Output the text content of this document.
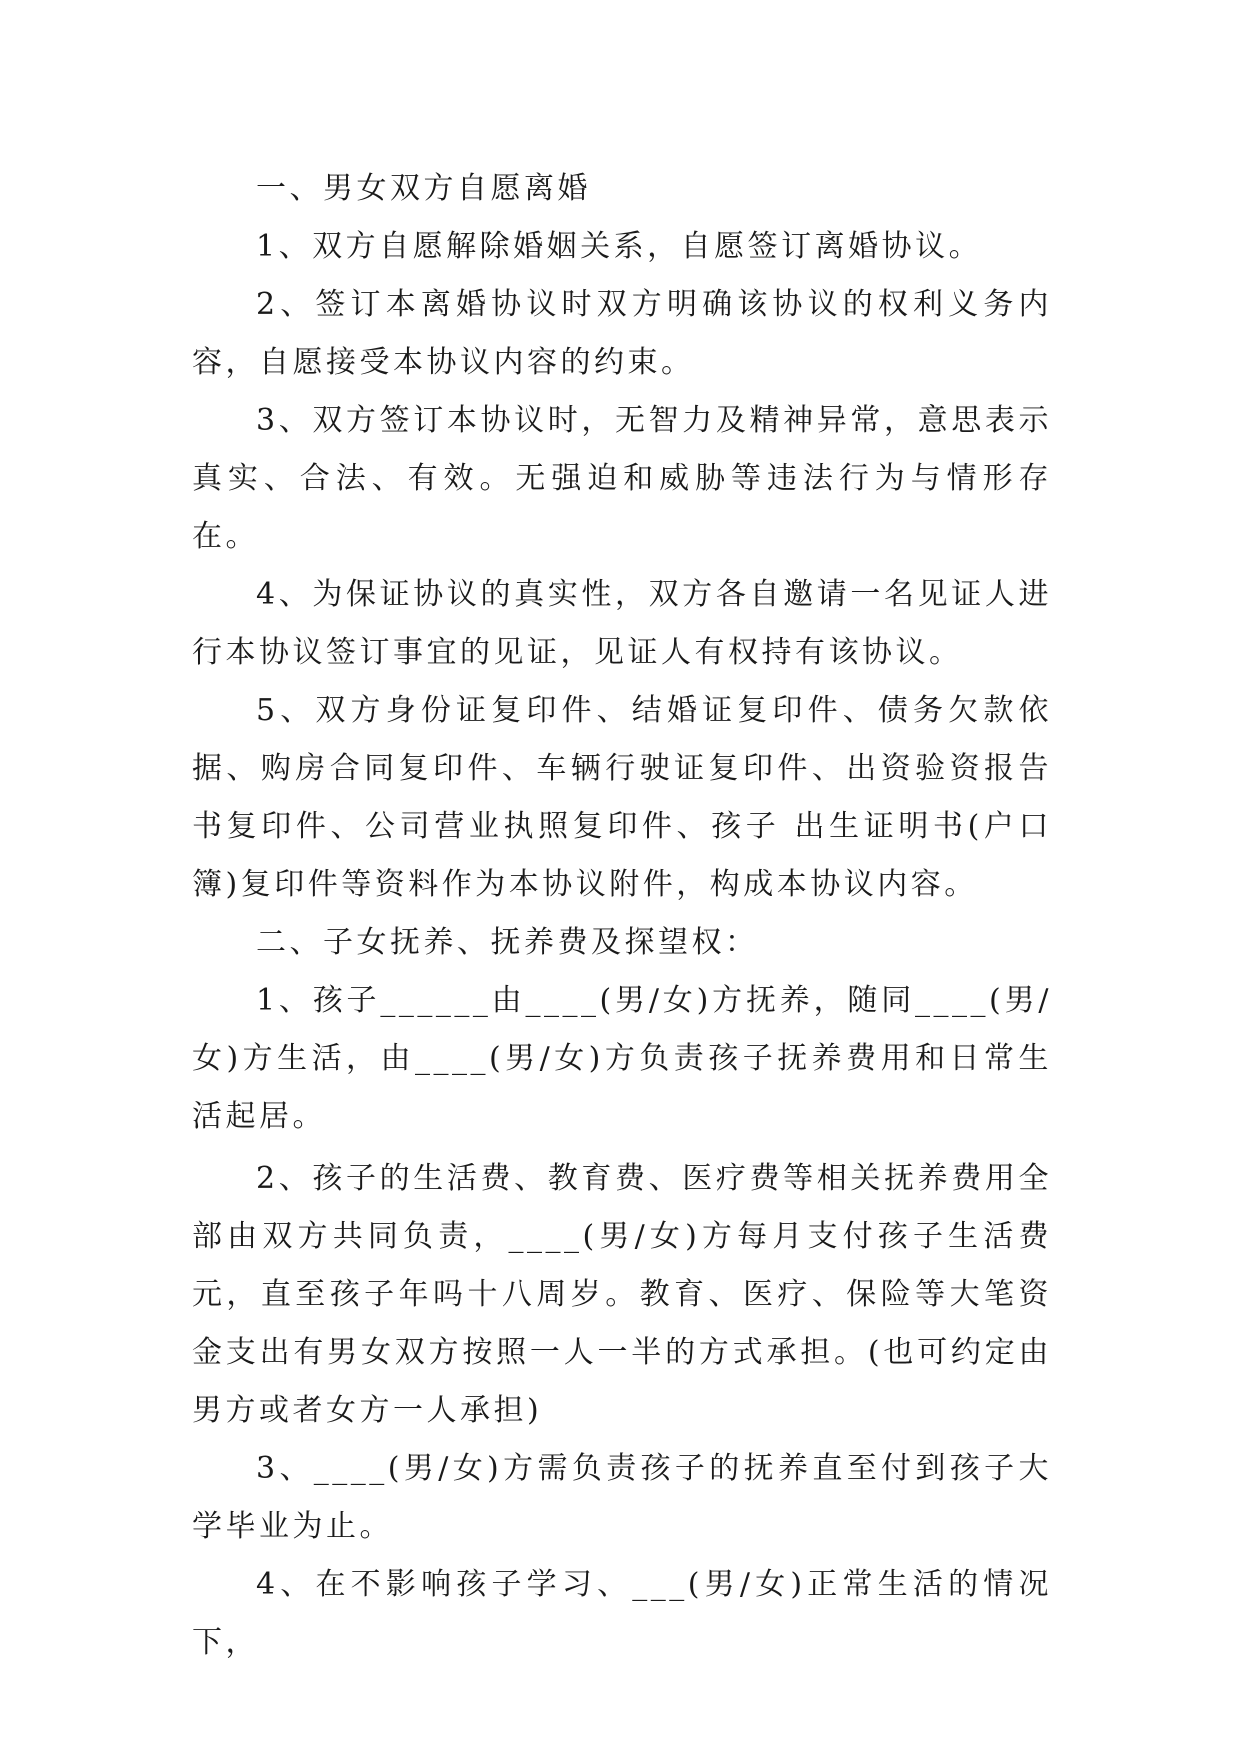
一、男女双方自愿离婚

1、双方自愿解除婚姻关系，自愿签订离婚协议。

2、签订本离婚协议时双方明确该协议的权利义务内容，自愿接受本协议内容的约束。

3、双方签订本协议时，无智力及精神异常，意思表示真实、合法、有效。无强迫和威胁等违法行为与情形存在。

4、为保证协议的真实性，双方各自邀请一名见证人进行本协议签订事宜的见证，见证人有权持有该协议。

5、双方身份证复印件、结婚证复印件、债务欠款依据、购房合同复印件、车辆行驶证复印件、出资验资报告书复印件、公司营业执照复印件、孩子 出生证明书(户口簿)复印件等资料作为本协议附件，构成本协议内容。

二、子女抚养、抚养费及探望权：

1、孩子______由____(男/女)方抚养，随同____(男/女)方生活，由____(男/女)方负责孩子抚养费用和日常生活起居。

2、孩子的生活费、教育费、医疗费等相关抚养费用全部由双方共同负责，____(男/女)方每月支付孩子生活费 元，直至孩子年吗十八周岁。教育、医疗、保险等大笔资金支出有男女双方按照一人一半的方式承担。(也可约定由男方或者女方一人承担)

3、____(男/女)方需负责孩子的抚养直至付到孩子大学毕业为止。

4、在不影响孩子学习、___(男/女)正常生活的情况下，
